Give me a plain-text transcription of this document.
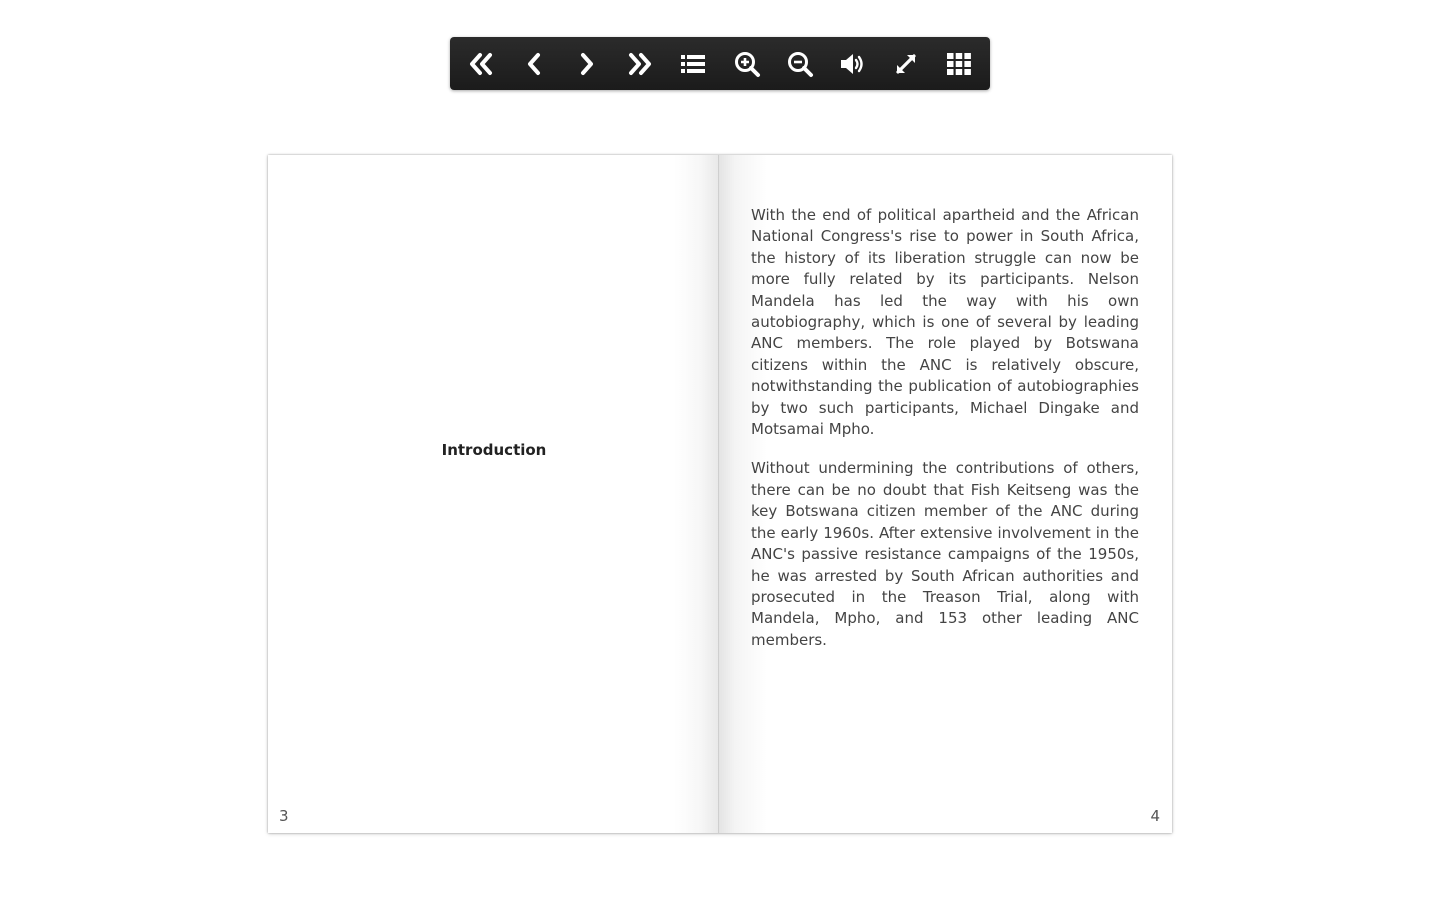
Introduction
3

With the end of political apartheid and the African National Congress's rise to power in South Africa, the history of its liberation struggle can now be more fully related by its participants. Nelson Mandela has led the way with his own autobiography, which is one of several by leading ANC members. The role played by Botswana citizens within the ANC is relatively obscure, notwithstanding the publication of autobiographies by two such participants, Michael Dingake and Motsamai Mpho.

Without undermining the contributions of others, there can be no doubt that Fish Keitseng was the key Botswana citizen member of the ANC during the early 1960s. After extensive involvement in the ANC's passive resistance campaigns of the 1950s, he was arrested by South African authorities and prosecuted in the Treason Trial, along with Mandela, Mpho, and 153 other leading ANC members.

4
